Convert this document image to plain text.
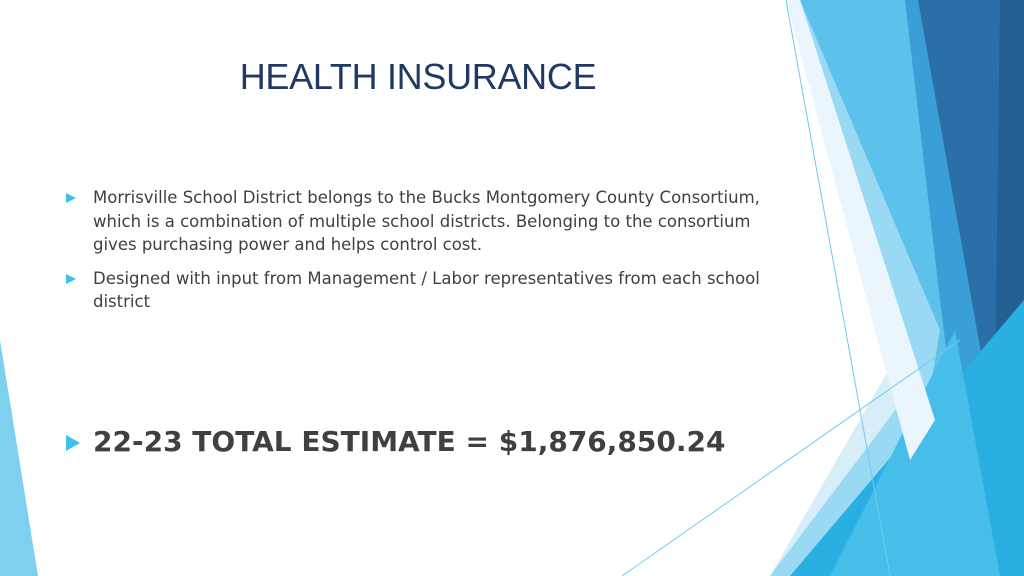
HEALTH INSURANCE
Morrisville School District belongs to the Bucks Montgomery County Consortium, which is a combination of multiple school districts. Belonging to the consortium gives purchasing power and helps control cost.
Designed with input from Management / Labor representatives from each school district
22-23 TOTAL ESTIMATE = $1,876,850.24
